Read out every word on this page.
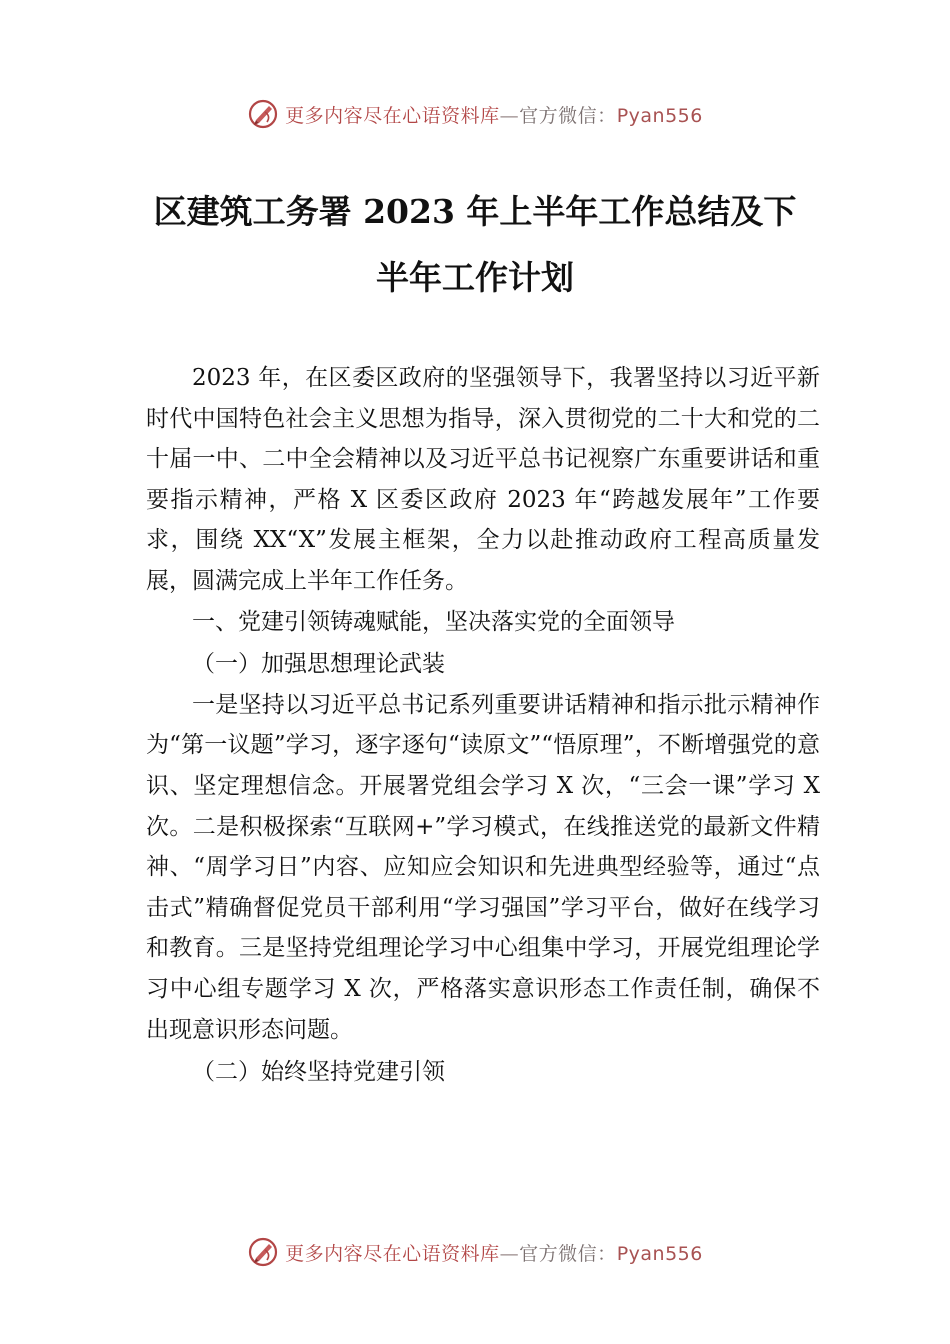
更多内容尽在心语资料库—官方微信：Pyan556
区建筑工务署 2023 年上半年工作总结及下
半年工作计划

2023 年，在区委区政府的坚强领导下，我署坚持以习近平新时代中国特色社会主义思想为指导，深入贯彻党的二十大和党的二十届一中、二中全会精神以及习近平总书记视察广东重要讲话和重要指示精神，严格 X 区委区政府 2023 年“跨越发展年”工作要求，围绕 XX“X”发展主框架，全力以赴推动政府工程高质量发展，圆满完成上半年工作任务。

一、党建引领铸魂赋能，坚决落实党的全面领导

（一）加强思想理论武装

一是坚持以习近平总书记系列重要讲话精神和指示批示精神作为“第一议题”学习，逐字逐句“读原文”“悟原理”，不断增强党的意识、坚定理想信念。开展署党组会学习 X 次，“三会一课”学习 X 次。二是积极探索“互联网+”学习模式，在线推送党的最新文件精神、“周学习日”内容、应知应会知识和先进典型经验等，通过“点击式”精确督促党员干部利用“学习强国”学习平台，做好在线学习和教育。三是坚持党组理论学习中心组集中学习，开展党组理论学习中心组专题学习 X 次，严格落实意识形态工作责任制，确保不出现意识形态问题。

（二）始终坚持党建引领

更多内容尽在心语资料库—官方微信：Pyan556
